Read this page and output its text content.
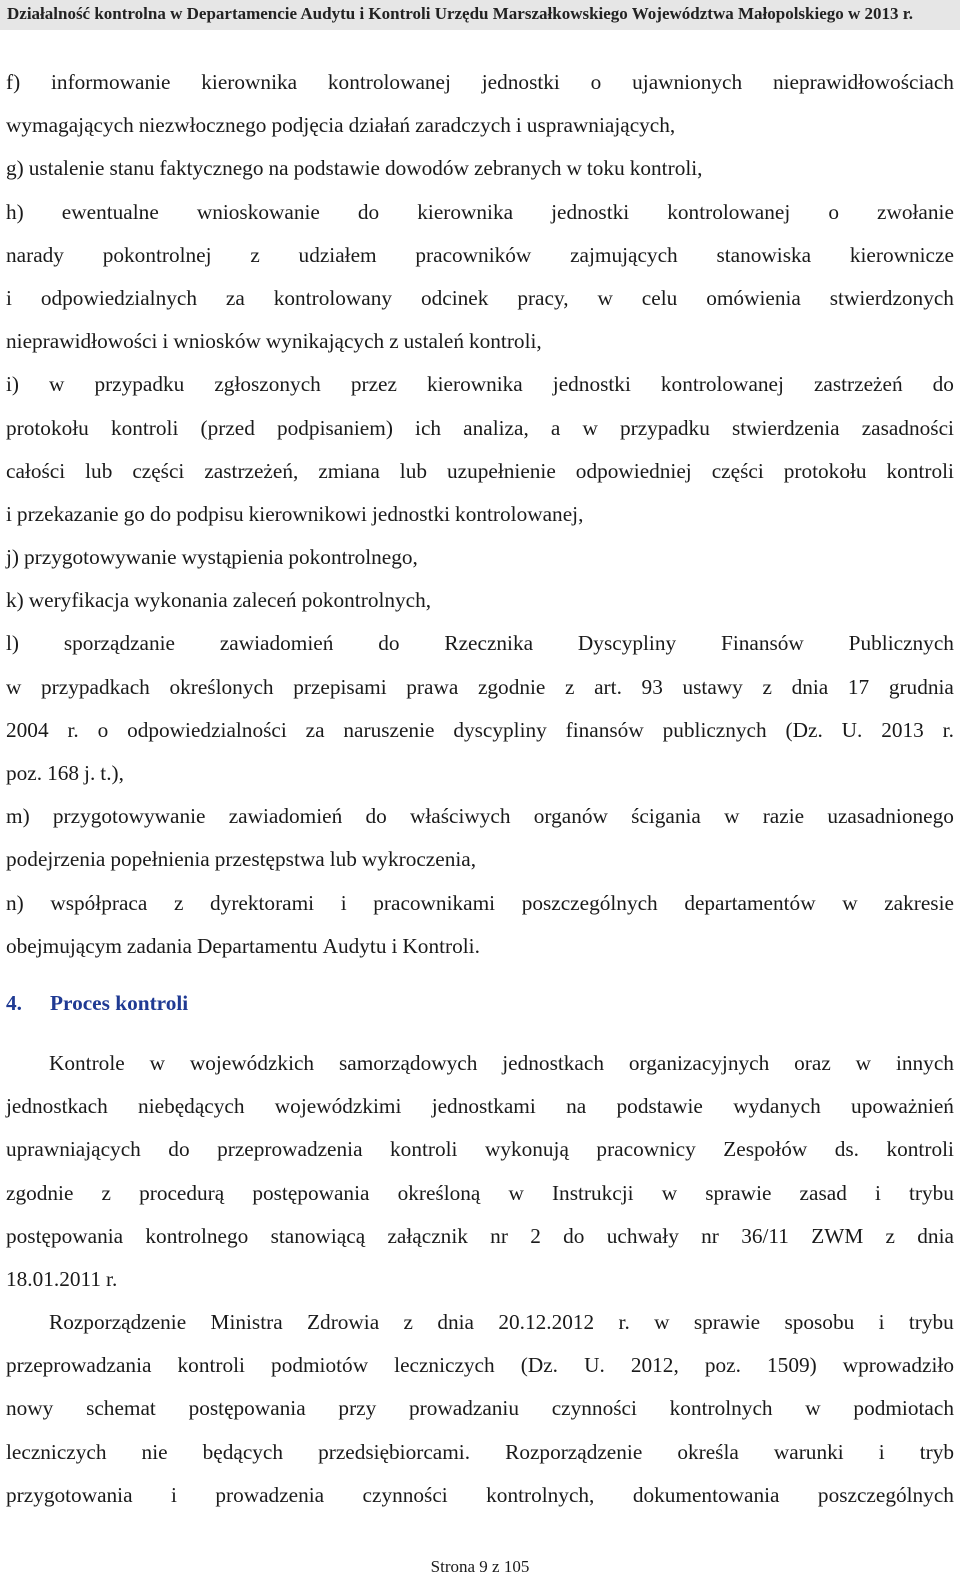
Działalność kontrolna w Departamencie Audytu i Kontroli Urzędu Marszałkowskiego Województwa Małopolskiego w 2013 r.
f) informowanie kierownika kontrolowanej jednostki o ujawnionych nieprawidłowościach
wymagających niezwłocznego podjęcia działań zaradczych i usprawniających,
g) ustalenie stanu faktycznego na podstawie dowodów zebranych w toku kontroli,
h) ewentualne wnioskowanie do kierownika jednostki kontrolowanej o zwołanie
narady pokontrolnej z udziałem pracowników zajmujących stanowiska kierownicze
i odpowiedzialnych za kontrolowany odcinek pracy, w celu omówienia stwierdzonych
nieprawidłowości i wniosków wynikających z ustaleń kontroli,
i) w przypadku zgłoszonych przez kierownika jednostki kontrolowanej zastrzeżeń do
protokołu kontroli (przed podpisaniem) ich analiza, a w przypadku stwierdzenia zasadności
całości lub części zastrzeżeń, zmiana lub uzupełnienie odpowiedniej części protokołu kontroli
i przekazanie go do podpisu kierownikowi jednostki kontrolowanej,
j) przygotowywanie wystąpienia pokontrolnego,
k) weryfikacja wykonania zaleceń pokontrolnych,
l) sporządzanie zawiadomień do Rzecznika Dyscypliny Finansów Publicznych
w przypadkach określonych przepisami prawa zgodnie z art. 93 ustawy z dnia 17 grudnia
2004 r. o odpowiedzialności za naruszenie dyscypliny finansów publicznych (Dz. U. 2013 r.
poz. 168 j. t.),
m) przygotowywanie zawiadomień do właściwych organów ścigania w razie uzasadnionego
podejrzenia popełnienia przestępstwa lub wykroczenia,
n) współpraca z dyrektorami i pracownikami poszczególnych departamentów w zakresie
obejmującym zadania Departamentu Audytu i Kontroli.
4.	Proces kontroli
Kontrole w wojewódzkich samorządowych jednostkach organizacyjnych oraz w innych
jednostkach niebędących wojewódzkimi jednostkami na podstawie wydanych upoważnień
uprawniających do przeprowadzenia kontroli wykonują pracownicy Zespołów ds. kontroli
zgodnie z procedurą postępowania określoną w Instrukcji w sprawie zasad i trybu
postępowania kontrolnego stanowiącą załącznik nr 2 do uchwały nr 36/11 ZWM z dnia
18.01.2011 r.
Rozporządzenie Ministra Zdrowia z dnia 20.12.2012 r. w sprawie sposobu i trybu
przeprowadzania kontroli podmiotów leczniczych (Dz. U. 2012, poz. 1509) wprowadziło
nowy schemat postępowania przy prowadzaniu czynności kontrolnych w podmiotach
leczniczych nie będących przedsiębiorcami. Rozporządzenie określa warunki i tryb
przygotowania i prowadzenia czynności kontrolnych, dokumentowania poszczególnych
Strona 9 z 105
